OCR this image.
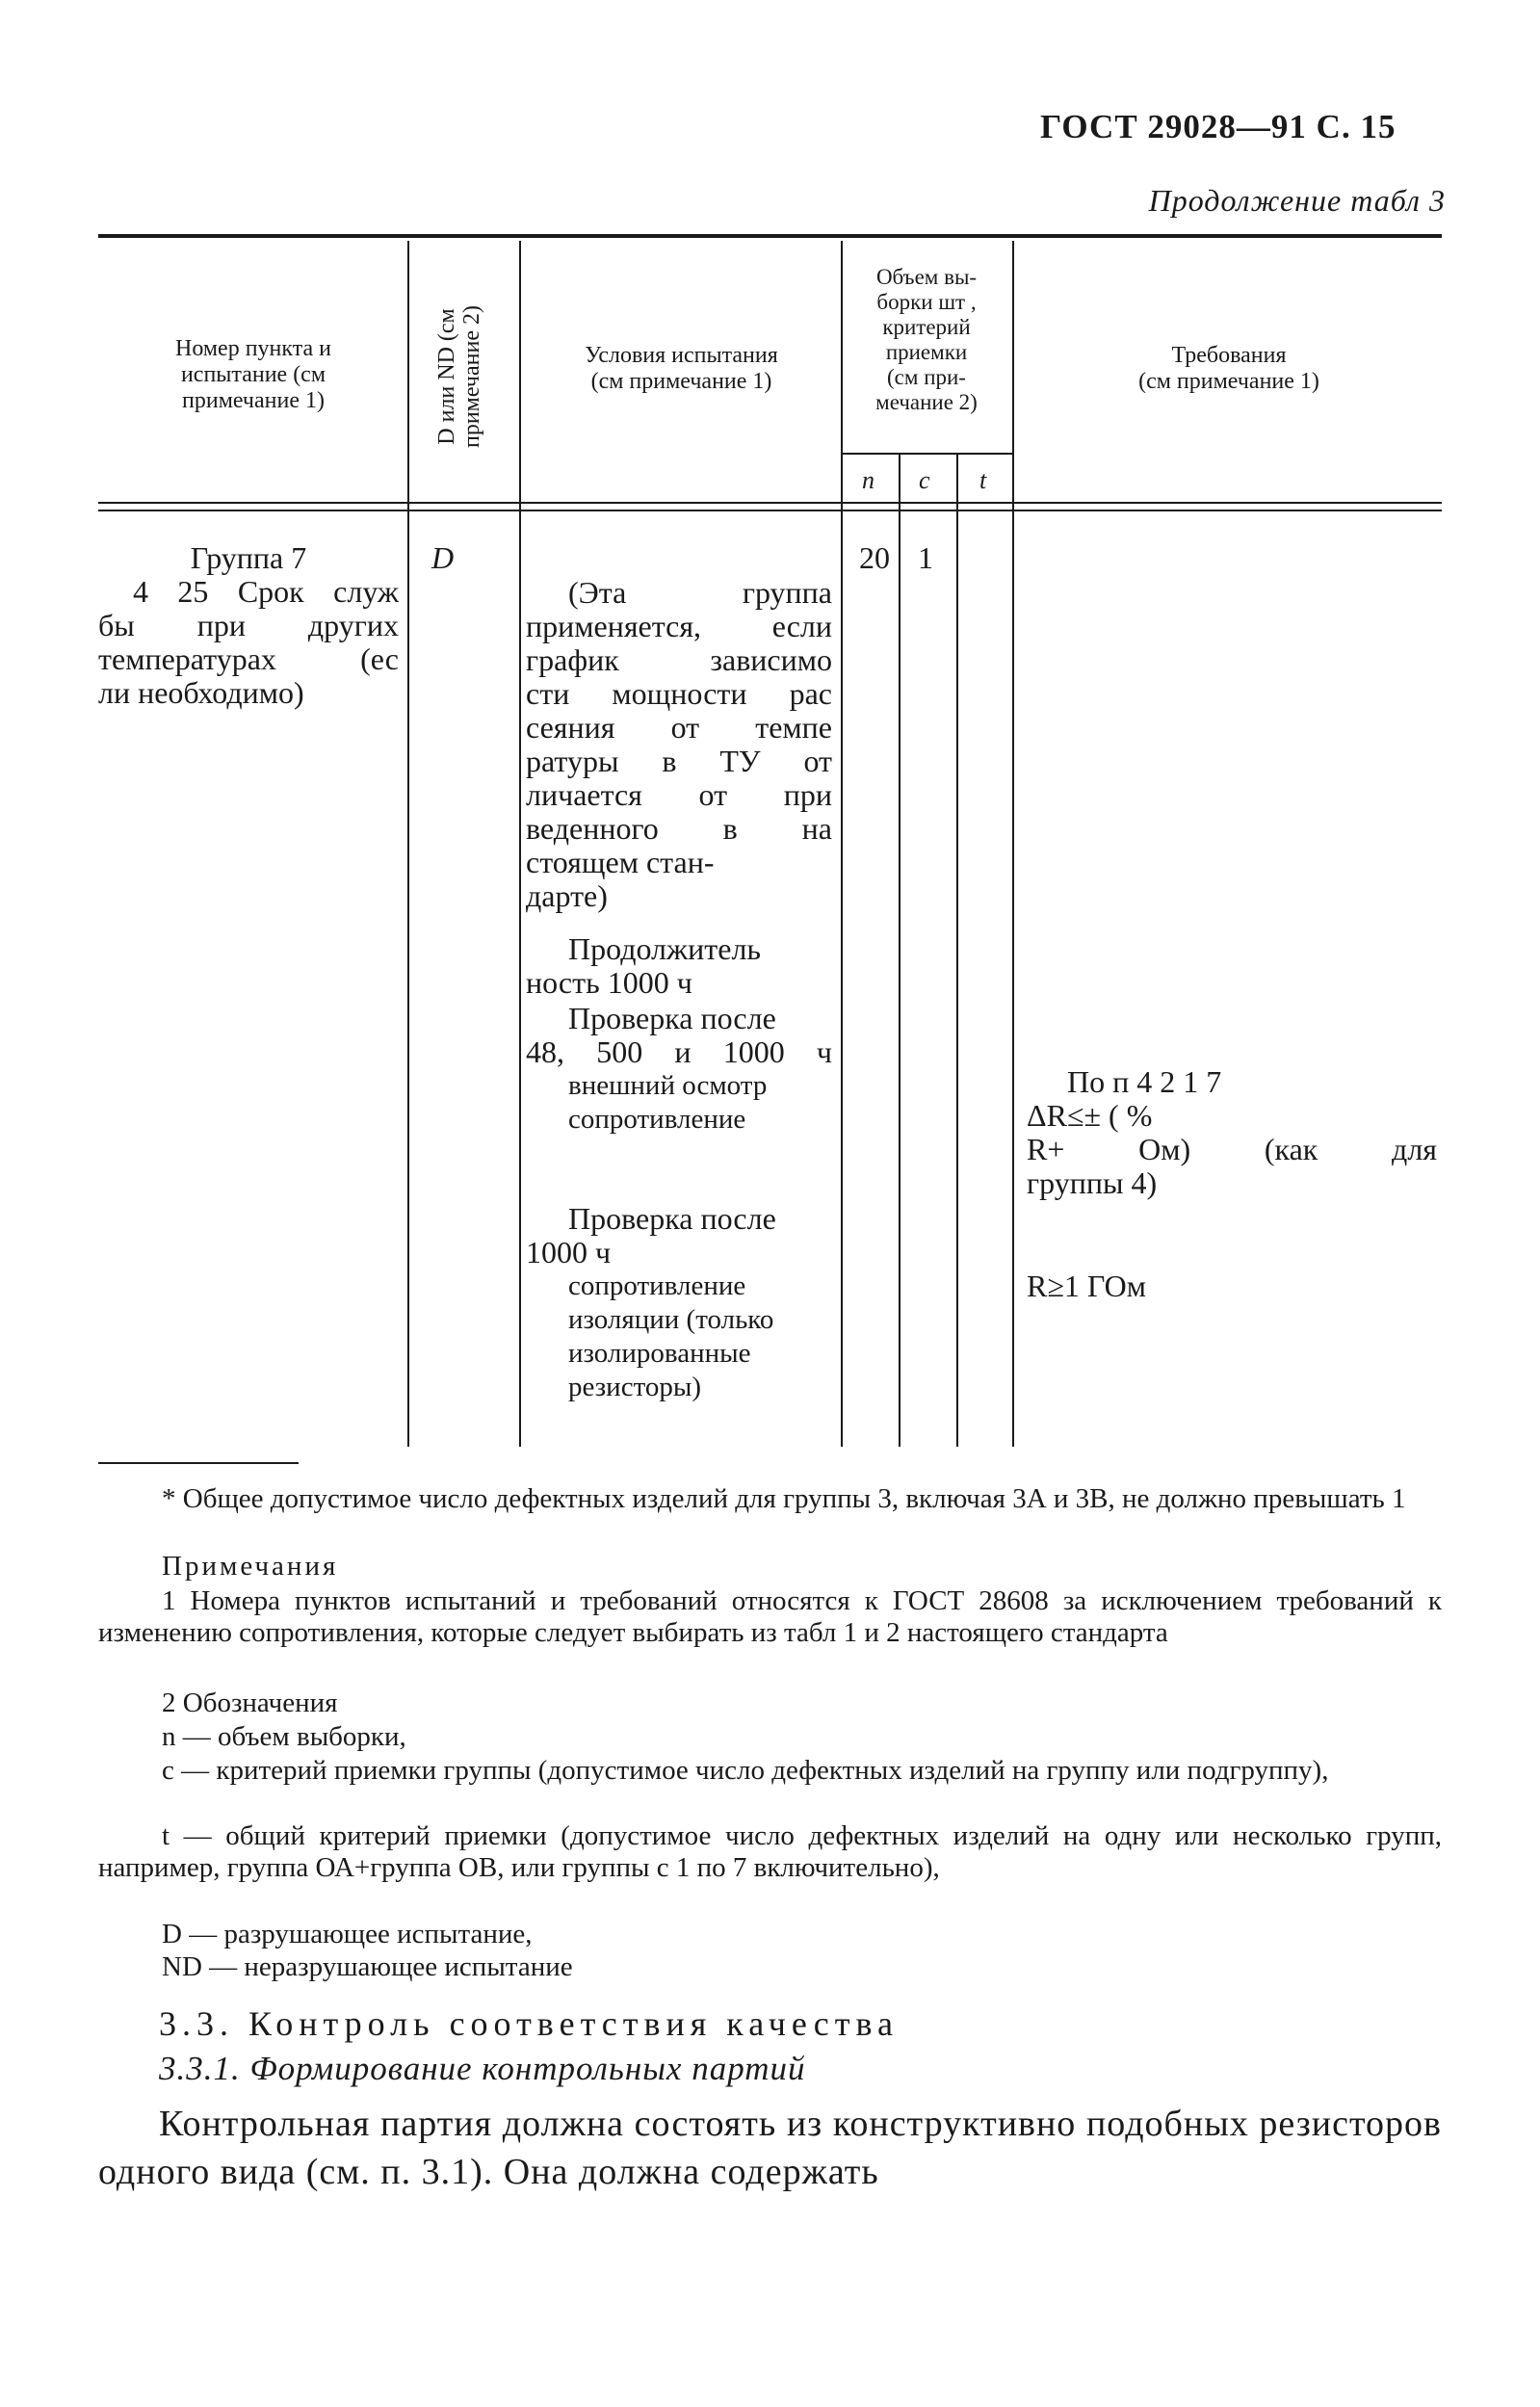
ГОСТ 29028—91 С. 15
Продолжение табл 3
Номер пункта и
испытание (см
примечание 1)	D или ND (см примечание 2)	Условия испытания
(см примечание 1)
Объем вы-
борки шт ,
критерий
приемки
(см при-
мечание 2)
n c t
Требования
(см примечание 1)

Группа 7

4 25 Срок служ

бы при других

температурах (ес

ли необходимо)

D

(Эта группа

применяется, если

график зависимо

сти мощности рас

сеяния от темпе

ратуры в ТУ от

личается от при

веденного в на

стоящем стан-

дарте)

Продолжитель

ность 1000 ч

Проверка после

48, 500 и 1000 ч

внешний осмотр

сопротивление

Проверка после

1000 ч

сопротивление

изоляции (только

изолированные

резисторы)

20 1

По п 4 2 1 7

ΔR≤± ( %

R+ Ом) (как для

группы 4)

R≥1 ГОм
* Общее допустимое число дефектных изделий для группы 3, включая 3А и 3В, не должно превышать 1
Примечания
1 Номера пунктов испытаний и требований относятся к ГОСТ 28608 за исключением требований к изменению сопротивления, которые следует выбирать из табл 1 и 2 настоящего стандарта
2 Обозначения
n — объем выборки,
c — критерий приемки группы (допустимое число дефектных изделий на группу или подгруппу),
t — общий критерий приемки (допустимое число дефектных изделий на одну или несколько групп, например, группа ОА+группа ОВ, или группы с 1 по 7 включительно),
D — разрушающее испытание,
ND — неразрушающее испытание
3.3. Контроль соответствия качества
3.3.1. Формирование контрольных партий
Контрольная партия должна состоять из конструктивно подобных резисторов одного вида (см. п. 3.1). Она должна содержать
